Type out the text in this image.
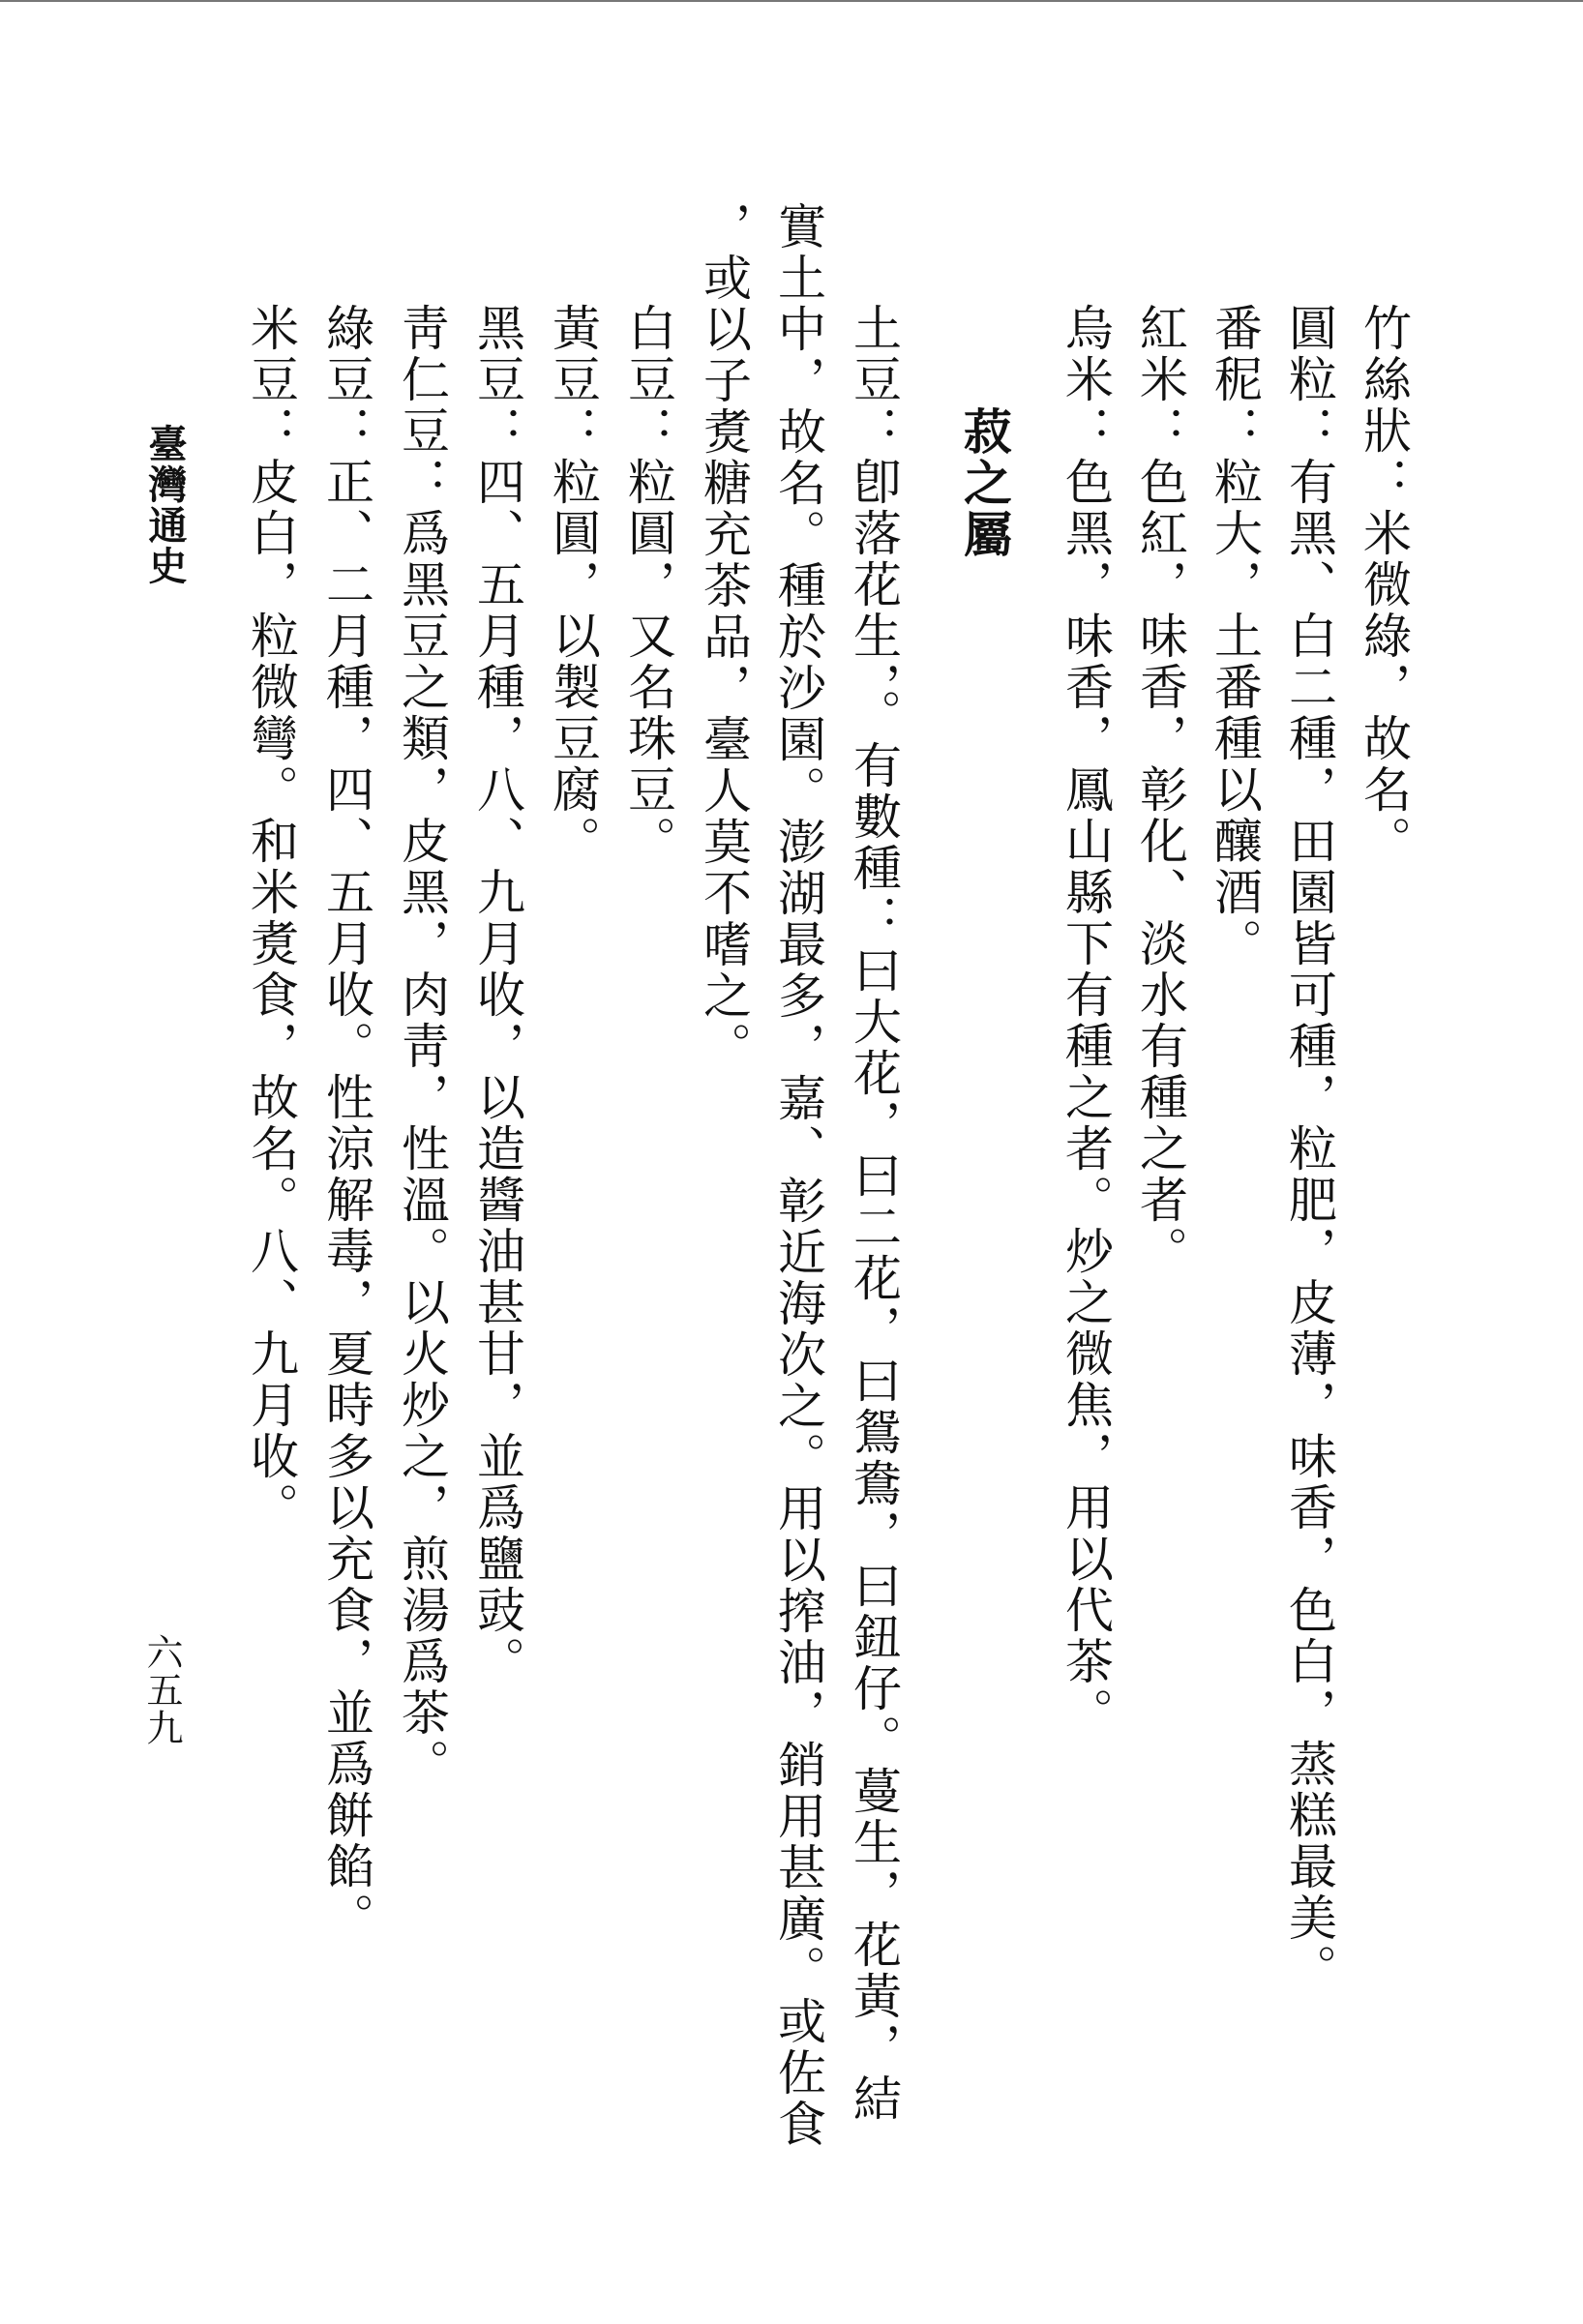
竹絲狀：米微綠，故名。

圓粒：有黑、白二種，田園皆可種，粒肥，皮薄，味香，色白，蒸糕最美。

番秜：粒大，土番種以釀酒。

紅米：色紅，味香，彰化、淡水有種之者。

烏米：色黑，味香，鳳山縣下有種之者。炒之微焦，用以代茶。

菽之屬

土豆：卽落花生，。有數種：曰大花，曰二花，曰鴛鴦，曰鈕仔。蔓生，花黃，結

實土中，故名。種於沙園。澎湖最多，嘉、彰近海次之。用以搾油，銷用甚廣。或佐食

，或以子煑糖充茶品，臺人莫不嗜之。

白豆：粒圓，又名珠豆。

黃豆：粒圓，以製豆腐。

黑豆：四、五月種，八、九月收，以造醬油甚甘，並爲鹽豉。

靑仁豆：爲黑豆之類，皮黑，肉靑，性溫。以火炒之，煎湯爲茶。

綠豆：正、二月種，四、五月收。性涼解毒，夏時多以充食，並爲餠餡。

米豆：皮白，粒微彎。和米煑食，故名。八、九月收。

臺灣通史
六五九
